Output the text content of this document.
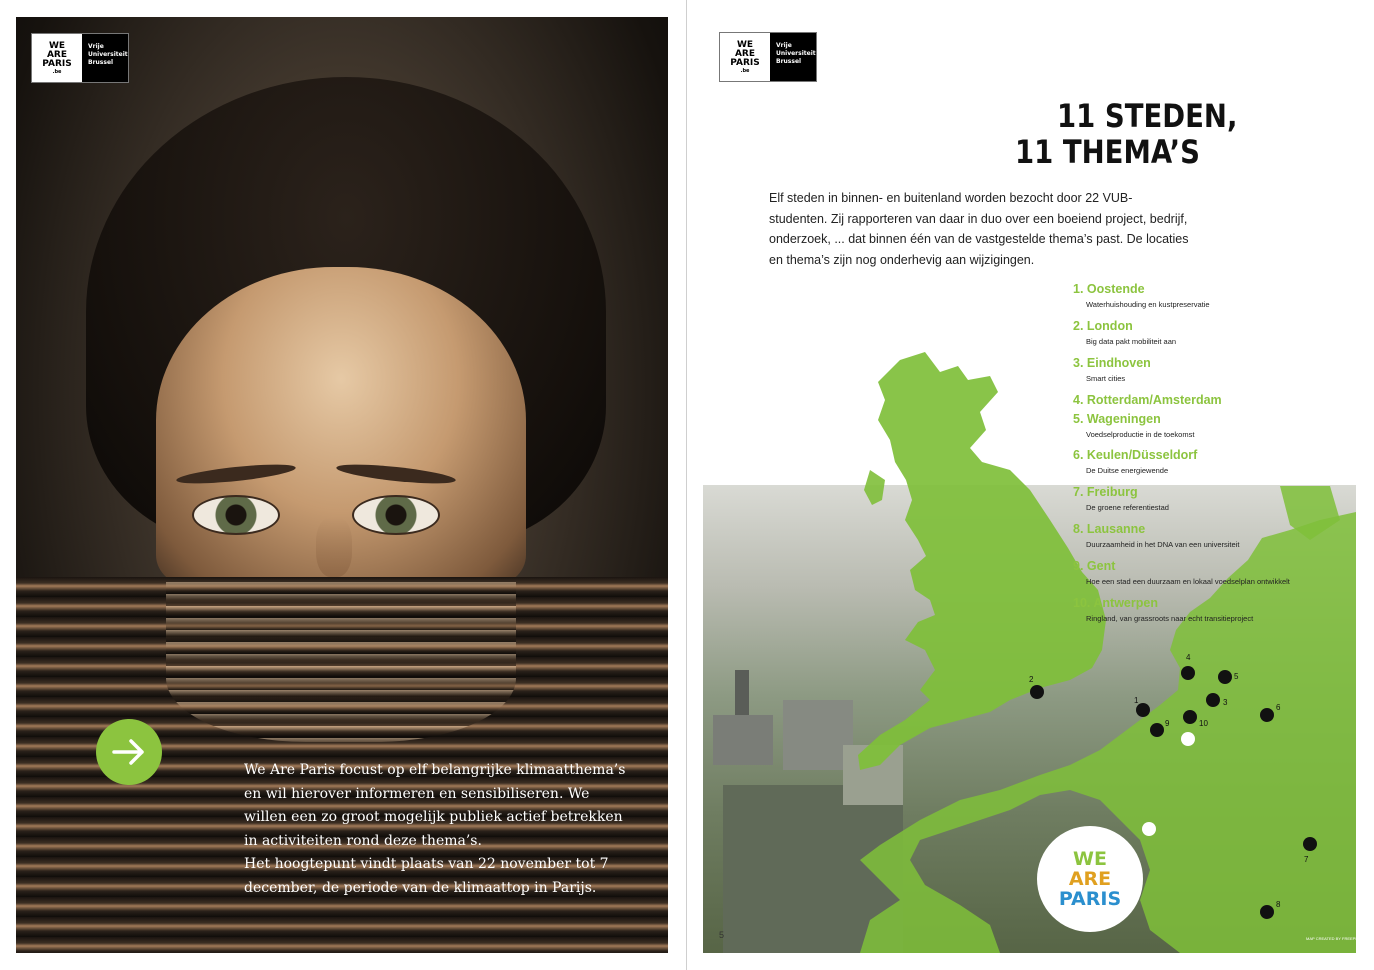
WE
ARE
PARIS
.be
Vrije
Universiteit
Brussel

We Are Paris focust op elf belangrijke klimaatthema’s en wil hierover informeren en sensibiliseren. We willen een zo groot mogelijk publiek actief betrekken in activiteiten rond deze thema’s.

Het hoogtepunt vindt plaats van 22 november tot 7 december, de periode van de klimaattop in Parijs.

WE
ARE
PARIS
.be
Vrije
Universiteit
Brussel
11 STEDEN,
11 THEMA’S
Elf steden in binnen- en buitenland worden bezocht door 22 VUB-studenten. Zij rapporteren van daar in duo over een boeiend project, bedrijf, onderzoek, ... dat binnen één van de vastgestelde thema’s past. De locaties en thema’s zijn nog onderhevig aan wijzigingen.
1
2
3
4
5
6
7
8
9	10
1. Oostende
Waterhuishouding en kustpreservatie
2. London
Big data pakt mobiliteit aan
3. Eindhoven
Smart cities
4. Rotterdam/Amsterdam
5. Wageningen
Voedselproductie in de toekomst
6. Keulen/Düsseldorf
De Duitse energiewende
7. Freiburg
De groene referentiestad
8. Lausanne
Duurzaamheid in het DNA van een universiteit
9. Gent
Hoe een stad een duurzaam en lokaal voedselplan ontwikkelt
10. Antwerpen
Ringland, van grassroots naar echt transitieproject
WE
ARE
PARIS
5	MAP CREATED BY FREEPIK
